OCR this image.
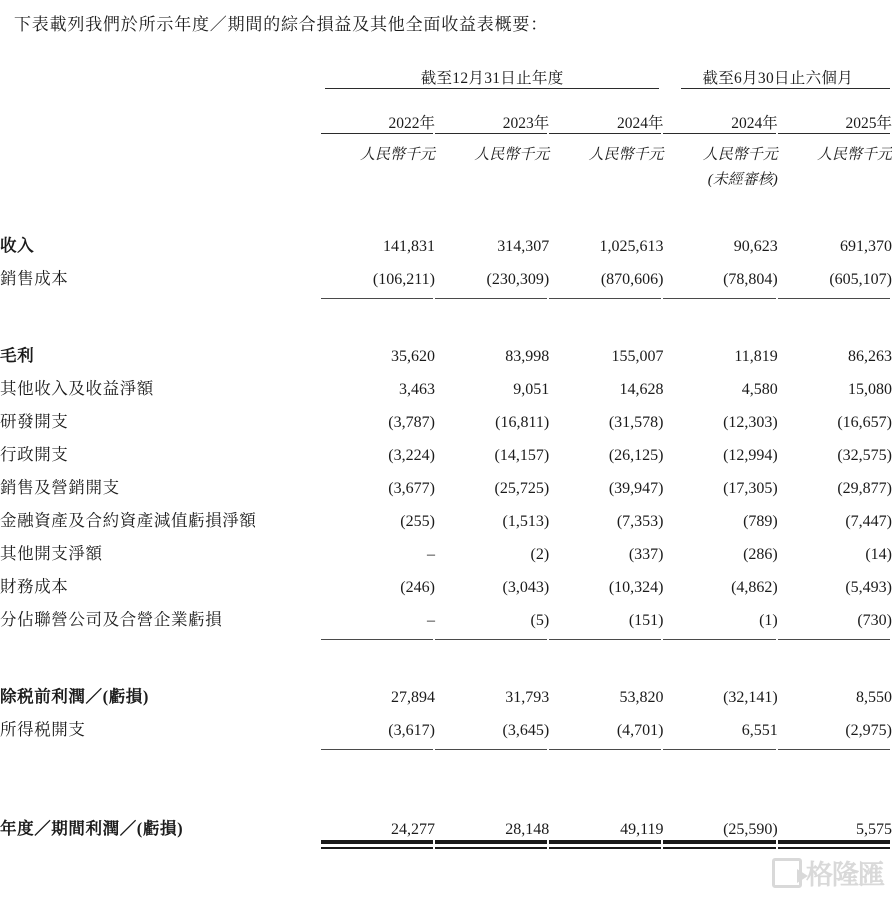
下表載列我們於所示年度／期間的綜合損益及其他全面收益表概要：
	截至12月31日止年度			截至6月30日止六個月	

	2022年	2023年	2024年	2024年	2025年

	人民幣千元	人民幣千元	人民幣千元	人民幣千元	人民幣千元
				(未經審核)	

收入	141,831	314,307	1,025,613	90,623	691,370
銷售成本	(106,211)	(230,309)	(870,606)	(78,804)	(605,107)

毛利	35,620	83,998	155,007	11,819	86,263
其他收入及收益淨額	3,463	9,051	14,628	4,580	15,080
研發開支	(3,787)	(16,811)	(31,578)	(12,303)	(16,657)
行政開支	(3,224)	(14,157)	(26,125)	(12,994)	(32,575)
銷售及營銷開支	(3,677)	(25,725)	(39,947)	(17,305)	(29,877)
金融資產及合約資產減值虧損淨額	(255)	(1,513)	(7,353)	(789)	(7,447)
其他開支淨額	–	(2)	(337)	(286)	(14)
財務成本	(246)	(3,043)	(10,324)	(4,862)	(5,493)
分佔聯營公司及合營企業虧損	–	(5)	(151)	(1)	(730)

除税前利潤／(虧損)	27,894	31,793	53,820	(32,141)	8,550
所得税開支	(3,617)	(3,645)	(4,701)	6,551	(2,975)

年度／期間利潤／(虧損)	24,277	28,148	49,119	(25,590)	5,575

格隆匯
